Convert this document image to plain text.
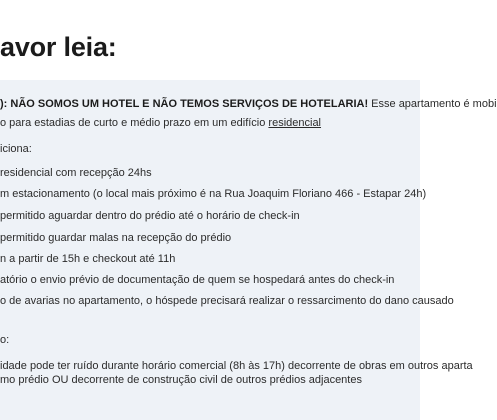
avor leia:
): NÃO SOMOS UM HOTEL E NÃO TEMOS SERVIÇOS DE HOTELARIA! Esse apartamento é mobi
o para estadias de curto e médio prazo em um edifício residencial
iciona:
residencial com recepção 24hs
m estacionamento (o local mais próximo é na Rua Joaquim Floriano 466 - Estapar 24h)
permitido aguardar dentro do prédio até o horário de check-in
permitido guardar malas na recepção do prédio
n a partir de 15h e checkout até 11h
atório o envio prévio de documentação de quem se hospedará antes do check-in
o de avarias no apartamento, o hóspede precisará realizar o ressarcimento do dano causado
o:
idade pode ter ruído durante horário comercial (8h às 17h) decorrente de obras em outros aparta
mo prédio OU decorrente de construção civil de outros prédios adjacentes
